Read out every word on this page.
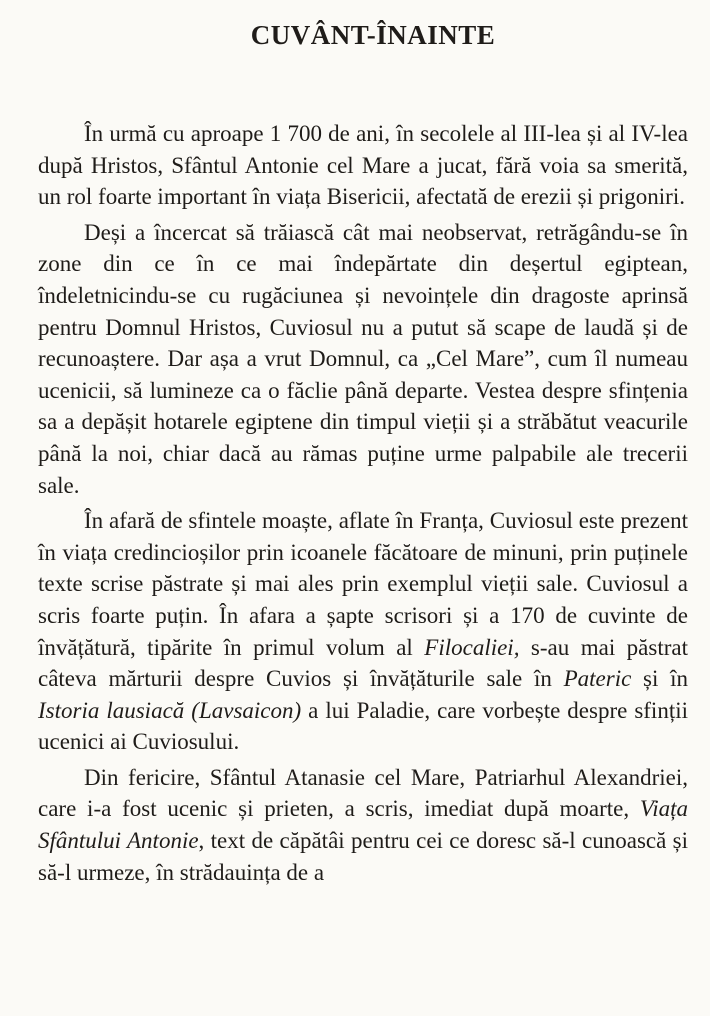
CUVÂNT-ÎNAINTE

În urmă cu aproape 1 700 de ani, în secolele al III-lea și al IV-lea după Hristos, Sfântul Antonie cel Mare a jucat, fără voia sa smerită, un rol foarte important în viața Bisericii, afectată de erezii și prigoniri.

Deși a încercat să trăiască cât mai neobservat, retrăgându-se în zone din ce în ce mai îndepărtate din deșertul egiptean, îndeletnicindu-se cu rugăciunea și nevoințele din dragoste aprinsă pentru Domnul Hristos, Cuviosul nu a putut să scape de laudă și de recunoaștere. Dar așa a vrut Domnul, ca „Cel Mare”, cum îl numeau ucenicii, să lumineze ca o făclie până departe. Vestea despre sfințenia sa a depășit hotarele egiptene din timpul vieții și a străbătut veacurile până la noi, chiar dacă au rămas puține urme palpabile ale trecerii sale.

În afară de sfintele moaște, aflate în Franța, Cuviosul este prezent în viața credincioșilor prin icoanele făcătoare de minuni, prin puținele texte scrise păstrate și mai ales prin exemplul vieții sale. Cuviosul a scris foarte puțin. În afara a șapte scrisori și a 170 de cuvinte de învățătură, tipărite în primul volum al Filocaliei, s-au mai păstrat câteva mărturii despre Cuvios și învățăturile sale în Pateric și în Istoria lausiacă (Lavsaicon) a lui Paladie, care vorbește despre sfinții ucenici ai Cuviosului.

Din fericire, Sfântul Atanasie cel Mare, Patriarhul Alexandriei, care i-a fost ucenic și prieten, a scris, imediat după moarte, Viața Sfântului Antonie, text de căpătâi pentru cei ce doresc să-l cunoască și să-l urmeze, în strădauința de a
